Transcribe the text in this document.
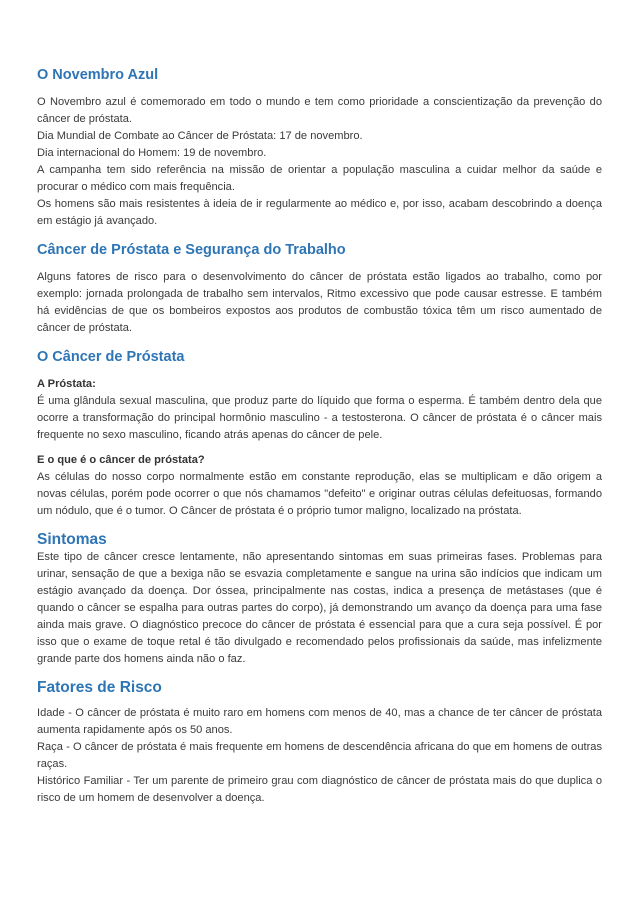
O Novembro Azul
O Novembro azul é comemorado em todo o mundo e tem como prioridade a conscientização da prevenção do câncer de próstata.
Dia Mundial de Combate ao Câncer de Próstata: 17 de novembro.
Dia internacional do Homem: 19 de novembro.
A campanha tem sido referência na missão de orientar a população masculina a cuidar melhor da saúde e procurar o médico com mais frequência.
Os homens são mais resistentes à ideia de ir regularmente ao médico e, por isso, acabam descobrindo a doença em estágio já avançado.
Câncer de Próstata e Segurança do Trabalho

Alguns fatores de risco para o desenvolvimento do câncer de próstata estão ligados ao trabalho, como por exemplo: jornada prolongada de trabalho sem intervalos, Ritmo excessivo que pode causar estresse. E também há evidências de que os bombeiros expostos aos produtos de combustão tóxica têm um risco aumentado de câncer de próstata.

O Câncer de Próstata

A Próstata:

É uma glândula sexual masculina, que produz parte do líquido que forma o esperma. É também dentro dela que ocorre a transformação do principal hormônio masculino - a testosterona. O câncer de próstata é o câncer mais frequente no sexo masculino, ficando atrás apenas do câncer de pele.

E o que é o câncer de próstata?

As células do nosso corpo normalmente estão em constante reprodução, elas se multiplicam e dão origem a novas células, porém pode ocorrer o que nós chamamos "defeito" e originar outras células defeituosas, formando um nódulo, que é o tumor. O Câncer de próstata é o próprio tumor maligno, localizado na próstata.

Sintomas

Este tipo de câncer cresce lentamente, não apresentando sintomas em suas primeiras fases. Problemas para urinar, sensação de que a bexiga não se esvazia completamente e sangue na urina são indícios que indicam um estágio avançado da doença. Dor óssea, principalmente nas costas, indica a presença de metástases (que é quando o câncer se espalha para outras partes do corpo), já demonstrando um avanço da doença para uma fase ainda mais grave. O diagnóstico precoce do câncer de próstata é essencial para que a cura seja possível. É por isso que o exame de toque retal é tão divulgado e recomendado pelos profissionais da saúde, mas infelizmente grande parte dos homens ainda não o faz.

Fatores de Risco
Idade - O câncer de próstata é muito raro em homens com menos de 40, mas a chance de ter câncer de próstata aumenta rapidamente após os 50 anos.
Raça - O câncer de próstata é mais frequente em homens de descendência africana do que em homens de outras raças.
Histórico Familiar - Ter um parente de primeiro grau com diagnóstico de câncer de próstata mais do que duplica o risco de um homem de desenvolver a doença.
